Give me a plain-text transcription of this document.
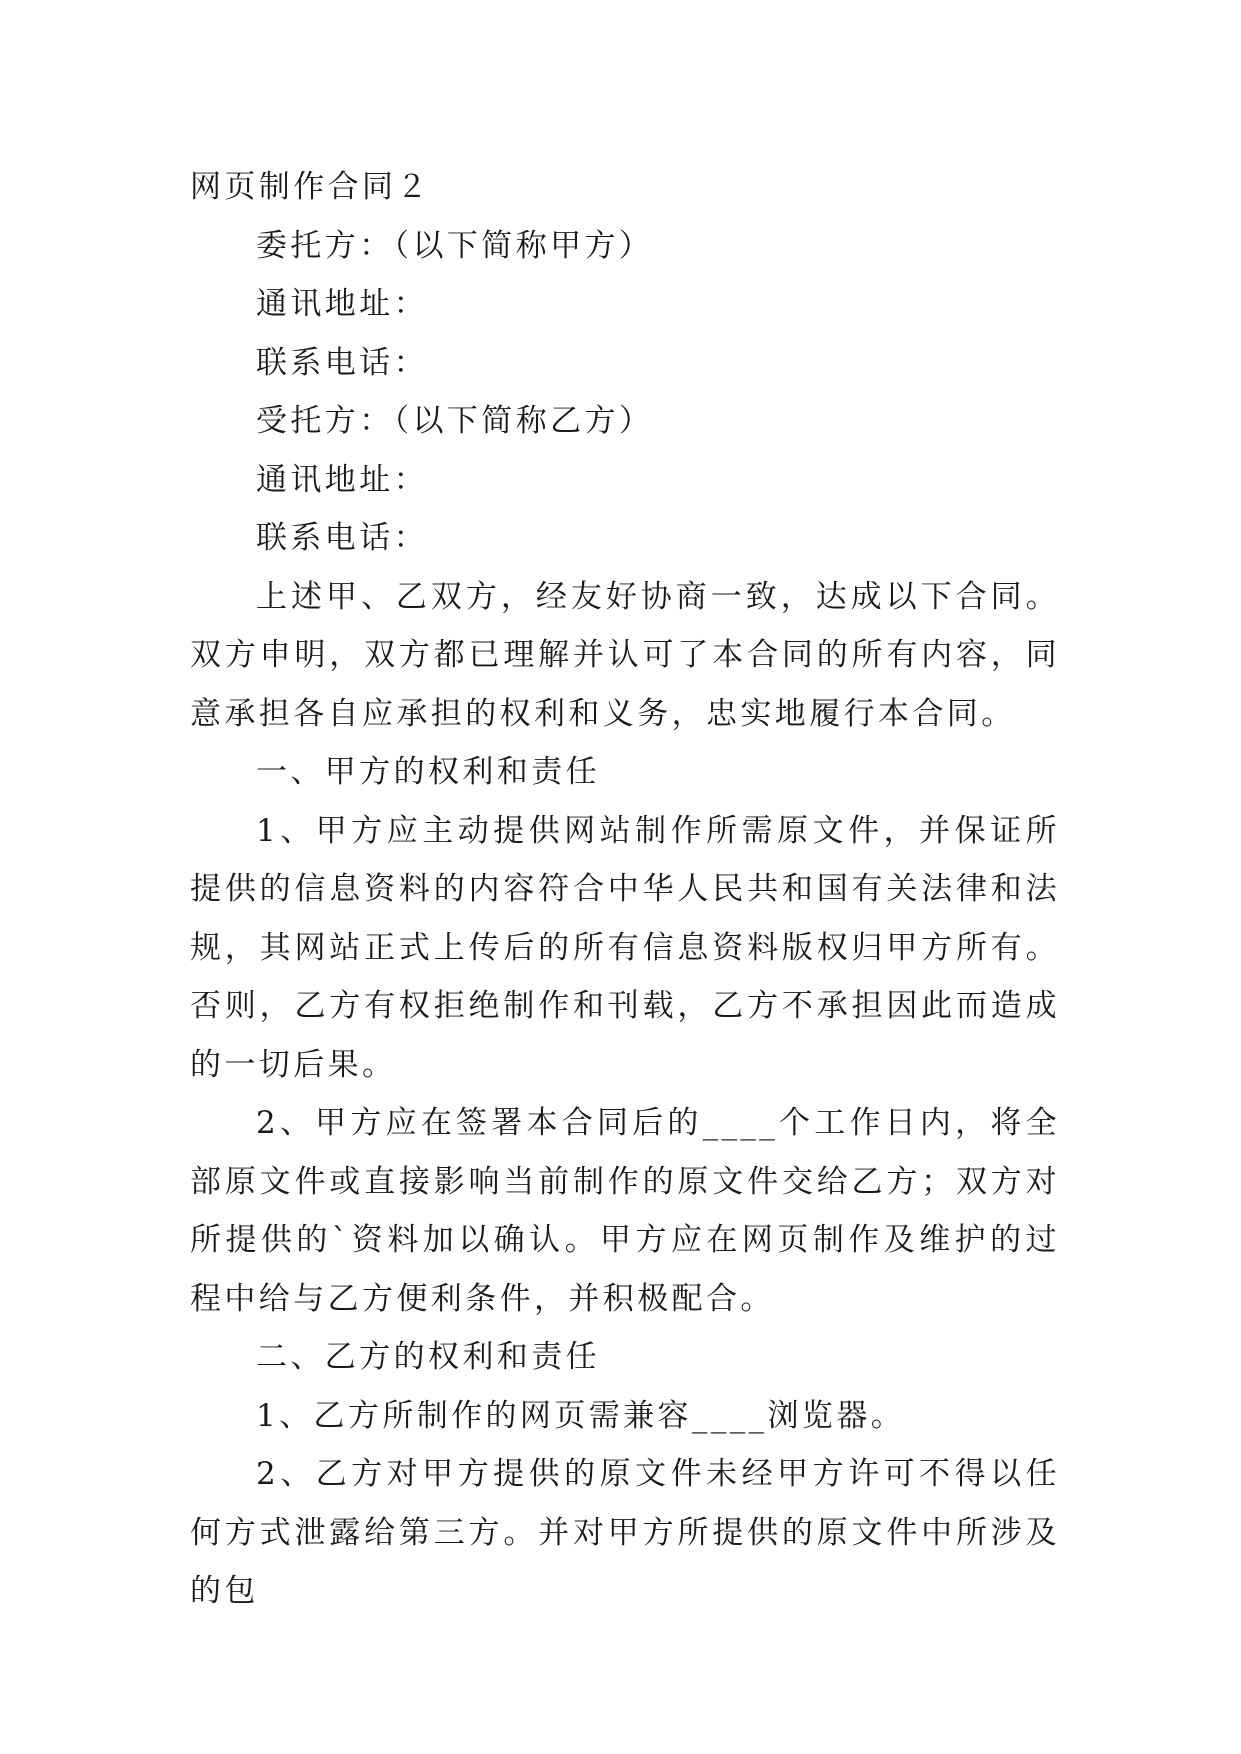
网页制作合同２

委托方：（以下简称甲方）

通讯地址：

联系电话：

受托方：（以下简称乙方）

通讯地址：

联系电话：

上述甲、乙双方，经友好协商一致，达成以下合同。双方申明，双方都已理解并认可了本合同的所有内容，同意承担各自应承担的权利和义务，忠实地履行本合同。

一、甲方的权利和责任

1、甲方应主动提供网站制作所需原文件，并保证所提供的信息资料的内容符合中华人民共和国有关法律和法规，其网站正式上传后的所有信息资料版权归甲方所有。否则，乙方有权拒绝制作和刊载，乙方不承担因此而造成的一切后果。

2、甲方应在签署本合同后的____个工作日内，将全部原文件或直接影响当前制作的原文件交给乙方；双方对所提供的`资料加以确认。甲方应在网页制作及维护的过程中给与乙方便利条件，并积极配合。

二、乙方的权利和责任

1、乙方所制作的网页需兼容____浏览器。

2、乙方对甲方提供的原文件未经甲方许可不得以任何方式泄露给第三方。并对甲方所提供的原文件中所涉及的包
